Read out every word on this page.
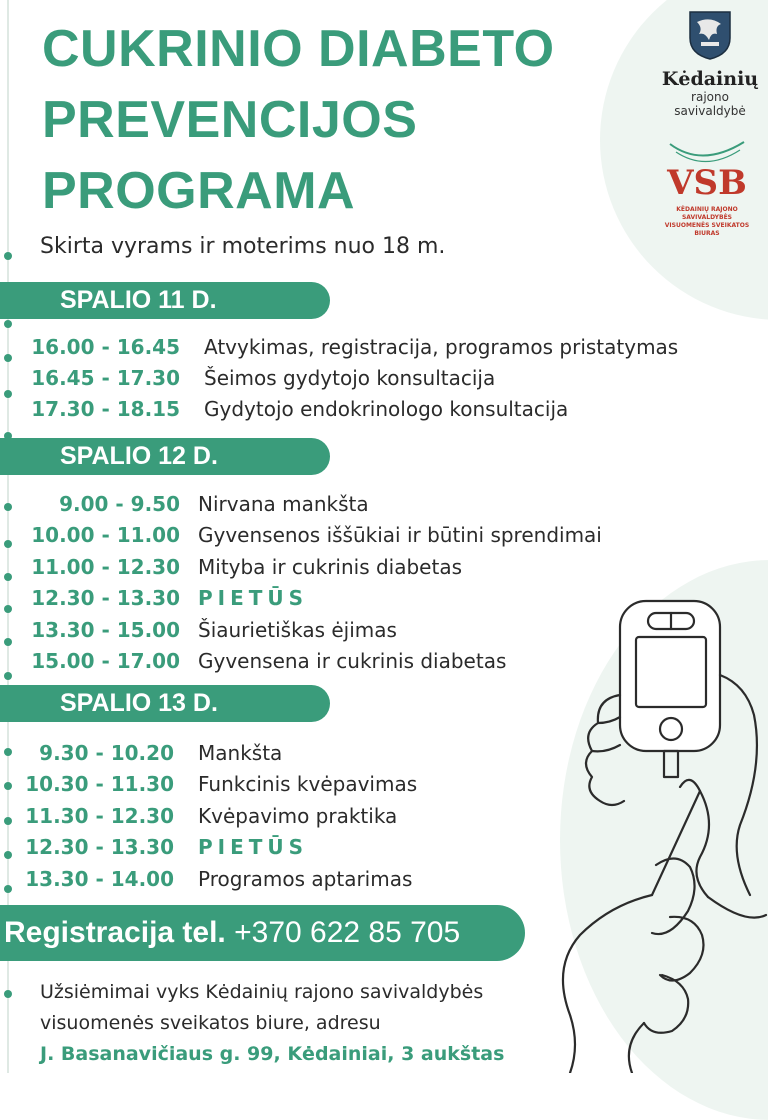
CUKRINIO DIABETO
PREVENCIJOS
PROGRAMA
Skirta vyrams ir moterims nuo 18 m.
Kėdainių
rajono savivaldybė
VSB
KĖDAINIŲ RAJONO SAVIVALDYBĖS
VISUOMENĖS SVEIKATOS BIURAS
SPALIO 11 D.
16.00 - 16.45 Atvykimas, registracija, programos pristatymas
16.45 - 17.30 Šeimos gydytojo konsultacija
17.30 - 18.15 Gydytojo endokrinologo konsultacija
SPALIO 12 D.
9.00 - 9.50 Nirvana mankšta
10.00 - 11.00 Gyvensenos iššūkiai ir būtini sprendimai
11.00 - 12.30 Mityba ir cukrinis diabetas
12.30 - 13.30 PIETŪS
13.30 - 15.00 Šiaurietiškas ėjimas
15.00 - 17.00 Gyvensena ir cukrinis diabetas
SPALIO 13 D.
9.30 - 10.20 Mankšta
10.30 - 11.30 Funkcinis kvėpavimas
11.30 - 12.30 Kvėpavimo praktika
12.30 - 13.30 PIETŪS
13.30 - 14.00 Programos aptarimas
Registracija tel. +370 622 85 705
Užsiėmimai vyks Kėdainių rajono savivaldybės
visuomenės sveikatos biure, adresu
J. Basanavičiaus g. 99, Kėdainiai, 3 aukštas
